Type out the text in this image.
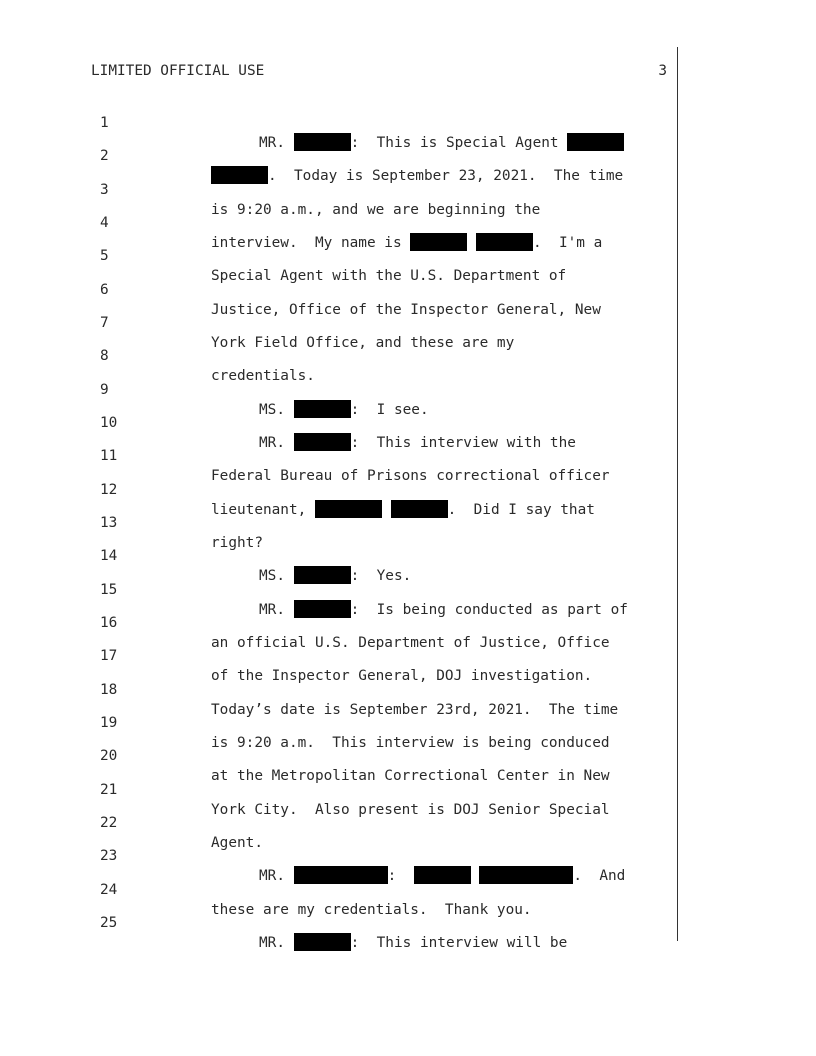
LIMITED OFFICIAL USE	3

1

MR.	:  This is Special Agent

2

.  Today is September 23, 2021.  The time

3

is 9:20 a.m., and we are beginning the

4

interview.  My name is	.  I'm a

5

Special Agent with the U.S. Department of

6

Justice, Office of the Inspector General, New

7

York Field Office, and these are my

8

credentials.

9

MS.	:  I see.

10

MR.	:  This interview with the

11

Federal Bureau of Prisons correctional officer

12

lieutenant,	.  Did I say that

13

right?

14

MS.	:  Yes.

15

MR.	:  Is being conducted as part of

16

an official U.S. Department of Justice, Office

17

of the Inspector General, DOJ investigation.

18

Today’s date is September 23rd, 2021.  The time

19

is 9:20 a.m.  This interview is being conduced

20

at the Metropolitan Correctional Center in New

21

York City.  Also present is DOJ Senior Special

22

Agent.

23

MR.	:	.  And

24

these are my credentials.  Thank you.

25

MR.	:  This interview will be
